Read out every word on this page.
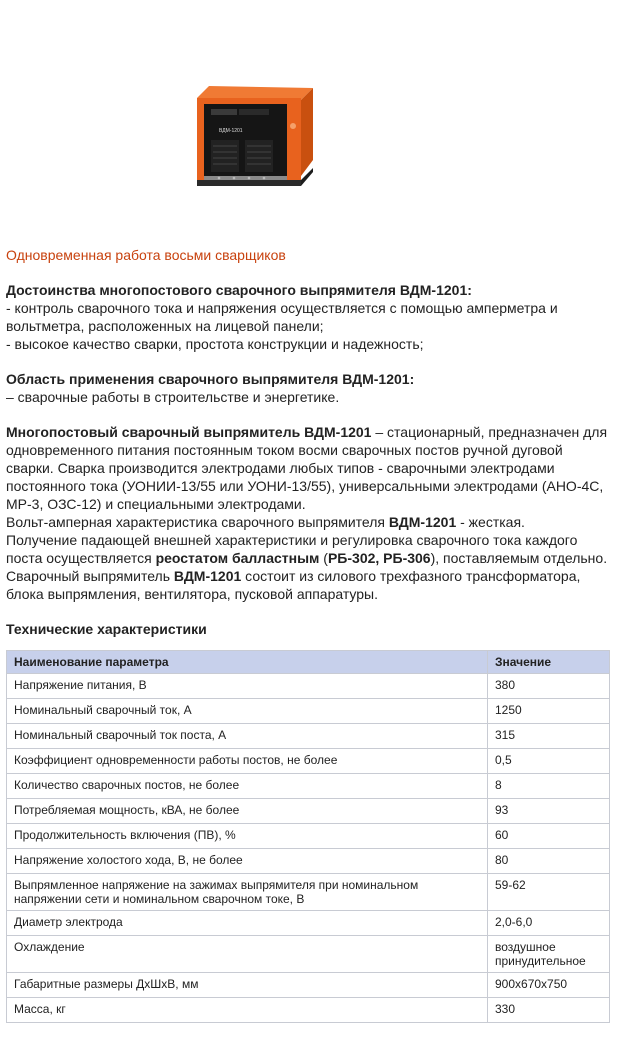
ВДМ-1201

Одновременная работа восьми сварщиков

Достоинства многопостового сварочного выпрямителя ВДМ-1201:

- контроль сварочного тока и напряжения осуществляется с помощью амперметра и вольтметра, расположенных на лицевой панели;

- высокое качество сварки, простота конструкции и надежность;

Область применения сварочного выпрямителя ВДМ-1201:

– сварочные работы в строительстве и энергетике.

Многопостовый сварочный выпрямитель ВДМ-1201 – стационарный, предназначен для одновременного питания постоянным током восми сварочных постов ручной дуговой сварки. Сварка производится электродами любых типов - сварочными электродами постоянного тока (УОНИИ-13/55 или УОНИ-13/55), универсальными электродами (АНО-4С, МР-3, ОЗС-12) и специальными электродами.

Вольт-амперная характеристика сварочного выпрямителя ВДМ-1201 - жесткая.

Получение падающей внешней характеристики и регулировка сварочного тока каждого поста осуществляется реостатом балластным (РБ-302, РБ-306), поставляемым отдельно.

Сварочный выпрямитель ВДМ-1201 состоит из силового трехфазного трансформатора, блока выпрямления, вентилятора, пусковой аппаратуры.

Технические характеристики

Наименование параметра	Значение
Напряжение питания, В	380
Номинальный сварочный ток, А	1250
Номинальный сварочный ток поста, А	315
Коэффициент одновременности работы постов, не более	0,5
Количество сварочных постов, не более	8
Потребляемая мощность, кВА, не более	93
Продолжительность включения (ПВ), %	60
Напряжение холостого хода, В, не более	80
Выпрямленное напряжение на зажимах выпрямителя при номинальном напряжении сети и номинальном сварочном токе, В	59-62
Диаметр электрода	2,0-6,0
Охлаждение	воздушное принудительное
Габаритные размеры ДхШхВ, мм	900x670x750
Масса, кг	330
